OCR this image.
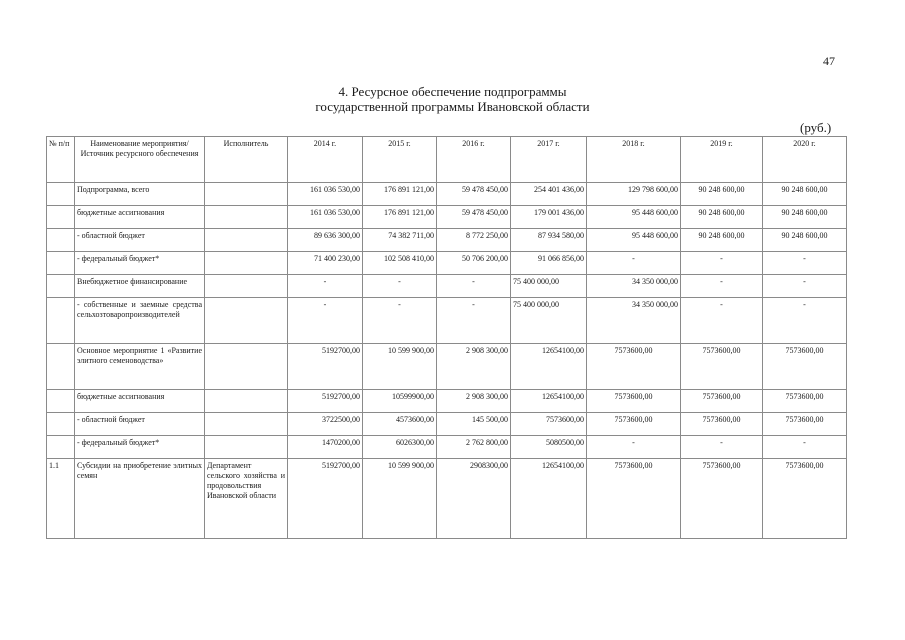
47
4. Ресурсное обеспечение подпрограммы
государственной программы Ивановской области
(руб.)
№ п/п	Наименование мероприятия/Источник ресурсного обеспечения	Исполнитель	2014 г.	2015 г.	2016 г.	2017 г.	2018 г.	2019 г.	2020 г.
	Подпрограмма, всего		161 036 530,00	176 891 121,00	59 478 450,00	254 401 436,00	129 798 600,00	90 248 600,00	90 248 600,00
	бюджетные ассигнования		161 036 530,00	176 891 121,00	59 478 450,00	179 001 436,00	95 448 600,00	90 248 600,00	90 248 600,00
	- областной бюджет		89 636 300,00	74 382 711,00	8 772 250,00	87 934 580,00	95 448 600,00	90 248 600,00	90 248 600,00
	- федеральный бюджет*		71 400 230,00	102 508 410,00	50 706 200,00	91 066 856,00	-	-	-
	Внебюджетное финансирование		-	-	-	75 400 000,00	34 350 000,00	-	-
	- собственные и заемные средства сельхозтоваропроизводителей		-	-	-	75 400 000,00	34 350 000,00	-	-
	Основное мероприятие 1 «Развитие элитного семеноводства»		5192700,00	10 599 900,00	2 908 300,00	12654100,00	7573600,00	7573600,00	7573600,00
	бюджетные ассигнования		5192700,00	10599900,00	2 908 300,00	12654100,00	7573600,00	7573600,00	7573600,00
	- областной бюджет		3722500,00	4573600,00	145 500,00	7573600,00	7573600,00	7573600,00	7573600,00
	- федеральный бюджет*		1470200,00	6026300,00	2 762 800,00	5080500,00	-	-	-
1.1	Субсидии на приобретение элитных семян	Департамент сельского хозяйства и продовольствия Ивановской области	5192700,00	10 599 900,00	2908300,00	12654100,00	7573600,00	7573600,00	7573600,00
